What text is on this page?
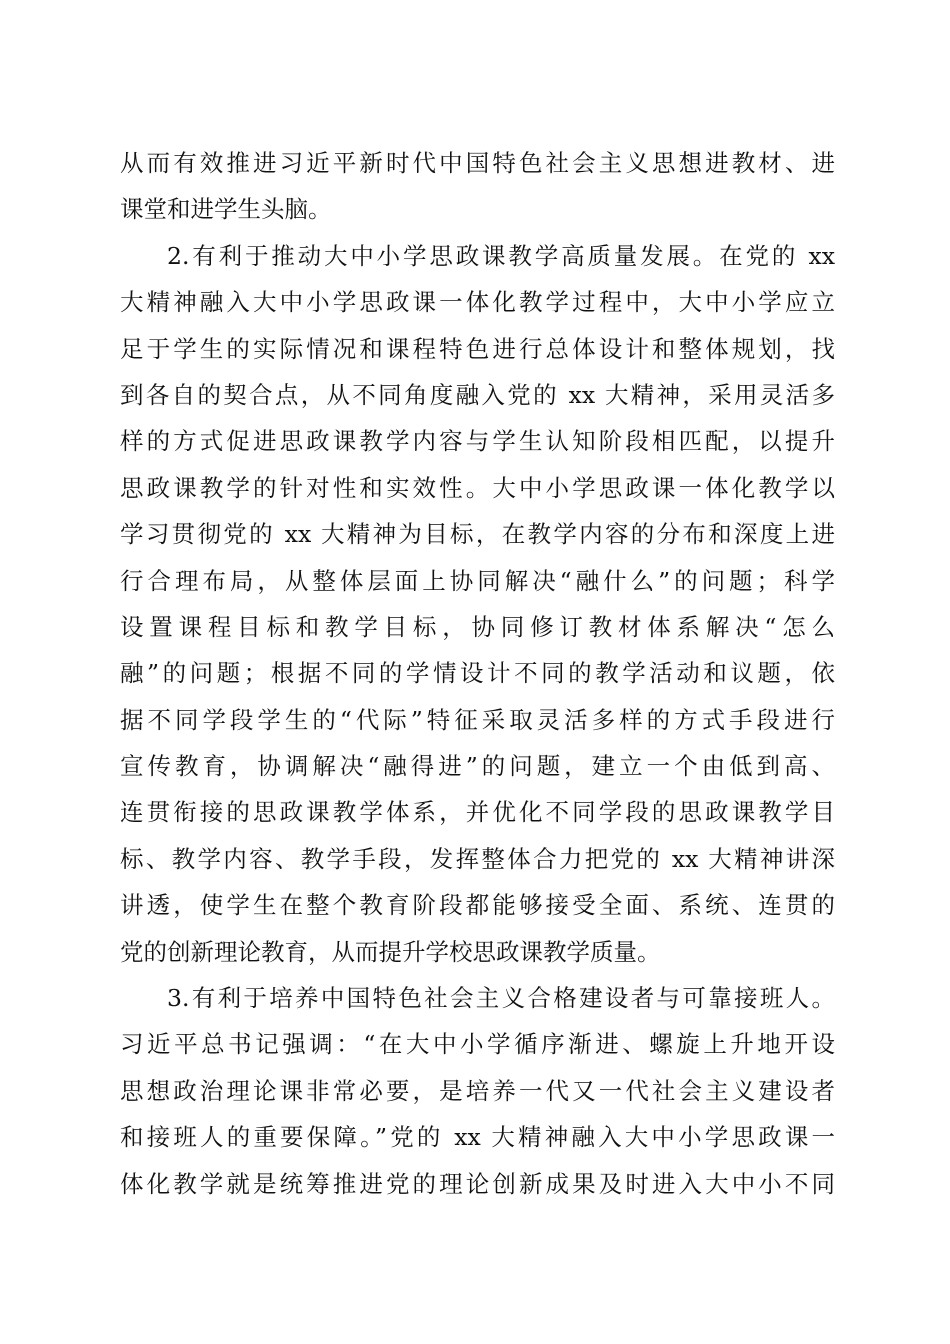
从而有效推进习近平新时代中国特色社会主义思想进教材、进
课堂和进学生头脑。
2.有利于推动大中小学思政课教学高质量发展。在党的 xx
大精神融入大中小学思政课一体化教学过程中，大中小学应立
足于学生的实际情况和课程特色进行总体设计和整体规划，找
到各自的契合点，从不同角度融入党的 xx 大精神，采用灵活多
样的方式促进思政课教学内容与学生认知阶段相匹配，以提升
思政课教学的针对性和实效性。大中小学思政课一体化教学以
学习贯彻党的 xx 大精神为目标，在教学内容的分布和深度上进
行合理布局，从整体层面上协同解决“融什么”的问题；科学
设置课程目标和教学目标，协同修订教材体系解决“怎么
融”的问题；根据不同的学情设计不同的教学活动和议题，依
据不同学段学生的“代际”特征采取灵活多样的方式手段进行
宣传教育，协调解决“融得进”的问题，建立一个由低到高、
连贯衔接的思政课教学体系，并优化不同学段的思政课教学目
标、教学内容、教学手段，发挥整体合力把党的 xx 大精神讲深
讲透，使学生在整个教育阶段都能够接受全面、系统、连贯的
党的创新理论教育，从而提升学校思政课教学质量。
3.有利于培养中国特色社会主义合格建设者与可靠接班人。
习近平总书记强调：“在大中小学循序渐进、螺旋上升地开设
思想政治理论课非常必要，是培养一代又一代社会主义建设者
和接班人的重要保障。”党的 xx 大精神融入大中小学思政课一
体化教学就是统筹推进党的理论创新成果及时进入大中小不同
